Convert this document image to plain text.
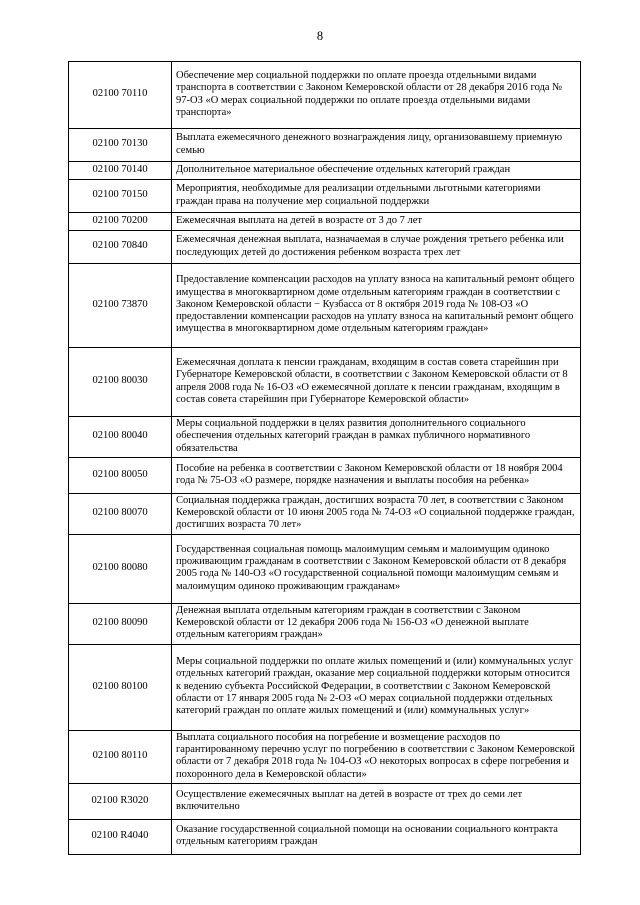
8
02100 70110	Обеспечение мер социальной поддержки по оплате проезда отдельными видами транспорта в соответствии с Законом Кемеровской области от 28 декабря 2016 года № 97-ОЗ «О мерах социальной поддержки по оплате проезда отдельными видами транспорта»
02100 70130	Выплата ежемесячного денежного вознаграждения лицу, организовавшему приемную семью
02100 70140	Дополнительное материальное обеспечение отдельных категорий граждан
02100 70150	Мероприятия, необходимые для реализации отдельными льготными категориями граждан права на получение мер социальной поддержки
02100 70200	Ежемесячная выплата на детей в возрасте от 3 до 7 лет
02100 70840	Ежемесячная денежная выплата, назначаемая в случае рождения третьего ребенка или последующих детей до достижения ребенком возраста трех лет
02100 73870	Предоставление компенсации расходов на уплату взноса на капитальный ремонт общего имущества в многоквартирном доме отдельным категориям граждан в соответствии с Законом Кемеровской области − Кузбасса от 8 октября 2019 года № 108-ОЗ «О предоставлении компенсации расходов на уплату взноса на капитальный ремонт общего имущества в многоквартирном доме отдельным категориям граждан»
02100 80030	Ежемесячная доплата к пенсии гражданам, входящим в состав совета старейшин при Губернаторе Кемеровской области, в соответствии с Законом Кемеровской области от 8 апреля 2008 года № 16-ОЗ «О ежемесячной доплате к пенсии гражданам, входящим в состав совета старейшин при Губернаторе Кемеровской области»
02100 80040	Меры социальной поддержки в целях развития дополнительного социального обеспечения отдельных категорий граждан в рамках публичного нормативного обязательства
02100 80050	Пособие на ребенка в соответствии с Законом Кемеровской области от 18 ноября 2004 года № 75-ОЗ «О размере, порядке назначения и выплаты пособия на ребенка»
02100 80070	Социальная поддержка граждан, достигших возраста 70 лет, в соответствии с Законом Кемеровской области от 10 июня 2005 года № 74-ОЗ «О социальной поддержке граждан, достигших возраста 70 лет»
02100 80080	Государственная социальная помощь малоимущим семьям и малоимущим одиноко проживающим гражданам в соответствии с Законом Кемеровской области от 8 декабря 2005 года № 140-ОЗ «О государственной социальной помощи малоимущим семьям и малоимущим одиноко проживающим гражданам»
02100 80090	Денежная выплата отдельным категориям граждан в соответствии с Законом Кемеровской области от 12 декабря 2006 года № 156-ОЗ «О денежной выплате отдельным категориям граждан»
02100 80100	Меры социальной поддержки по оплате жилых помещений и (или) коммунальных услуг отдельных категорий граждан, оказание мер социальной поддержки которым относится к ведению субъекта Российской Федерации, в соответствии с Законом Кемеровской области от 17 января 2005 года № 2-ОЗ «О мерах социальной поддержки отдельных категорий граждан по оплате жилых помещений и (или) коммунальных услуг»
02100 80110	Выплата социального пособия на погребение и возмещение расходов по гарантированному перечню услуг по погребению в соответствии с Законом Кемеровской области от 7 декабря 2018 года № 104-ОЗ «О некоторых вопросах в сфере погребения и похоронного дела в Кемеровской области»
02100 R3020	Осуществление ежемесячных выплат на детей в возрасте от трех до семи лет включительно
02100 R4040	Оказание государственной социальной помощи на основании социального контракта отдельным категориям граждан
